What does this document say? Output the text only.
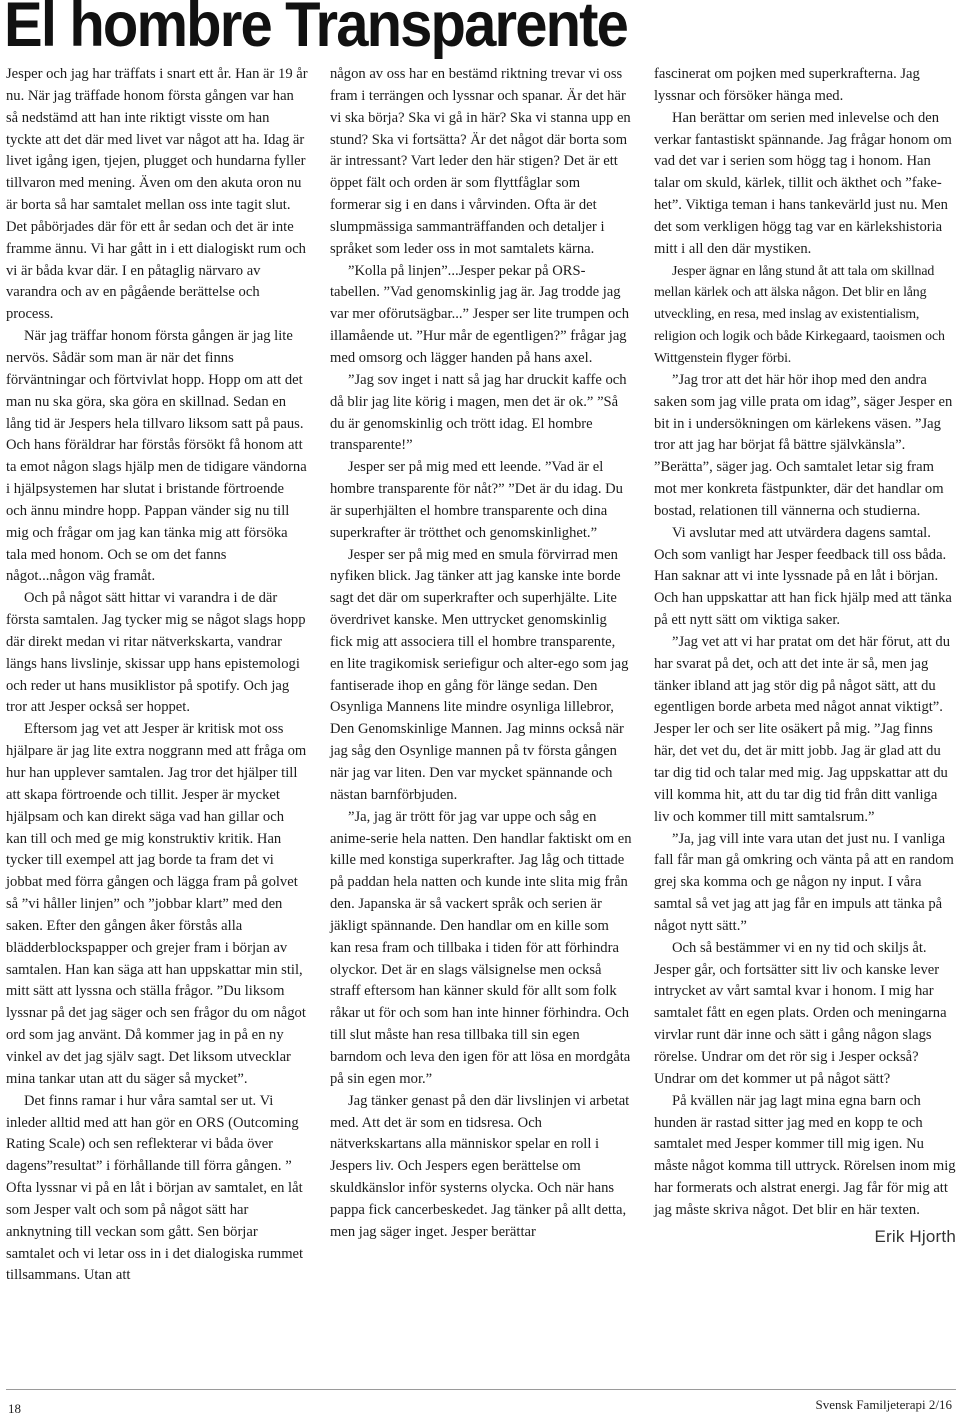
El hombre Transparente

Jesper och jag har träffats i snart ett år. Han är 19 år nu. När jag träffade honom första gången var han så nedstämd att han inte riktigt visste om han tyckte att det där med livet var något att ha. Idag är livet igång igen, tjejen, plugget och hundarna fyller tillvaron med mening. Även om den akuta oron nu är borta så har samtalet mellan oss inte tagit slut. Det påbörjades där för ett år sedan och det är inte framme ännu. Vi har gått in i ett dialogiskt rum och vi är båda kvar där. I en påtaglig närvaro av varandra och av en pågående berättelse och process.

När jag träffar honom första gången är jag lite nervös. Sådär som man är när det finns förväntningar och förtvivlat hopp. Hopp om att det man nu ska göra, ska göra en skillnad. Sedan en lång tid är Jespers hela tillvaro liksom satt på paus. Och hans föräldrar har förstås försökt få honom att ta emot någon slags hjälp men de tidigare vändorna i hjälpsystemen har slutat i bristande förtroende och ännu mindre hopp. Pappan vänder sig nu till mig och frågar om jag kan tänka mig att försöka tala med honom. Och se om det fanns något...någon väg framåt.

Och på något sätt hittar vi varandra i de där första samtalen. Jag tycker mig se något slags hopp där direkt medan vi ritar nätverkskarta, vandrar längs hans livslinje, skissar upp hans epistemologi och reder ut hans musiklistor på spotify. Och jag tror att Jesper också ser hoppet.

Eftersom jag vet att Jesper är kritisk mot oss hjälpare är jag lite extra noggrann med att fråga om hur han upplever samtalen. Jag tror det hjälper till att skapa förtroende och tillit. Jesper är mycket hjälpsam och kan direkt säga vad han gillar och kan till och med ge mig konstruktiv kritik. Han tycker till exempel att jag borde ta fram det vi jobbat med förra gången och lägga fram på golvet så ”vi håller linjen” och ”jobbar klart” med den saken. Efter den gången åker förstås alla blädderblockspapper och grejer fram i början av samtalen. Han kan säga att han uppskattar min stil, mitt sätt att lyssna och ställa frågor. ”Du liksom lyssnar på det jag säger och sen frågor du om något ord som jag använt. Då kommer jag in på en ny vinkel av det jag själv sagt. Det liksom utvecklar mina tankar utan att du säger så mycket”.

Det finns ramar i hur våra samtal ser ut. Vi inleder alltid med att han gör en ORS (Outcoming Rating Scale) och sen reflekterar vi båda över dagens”resultat” i förhållande till förra gången. ” Ofta lyssnar vi på en låt i början av samtalet, en låt som Jesper valt och som på något sätt har anknytning till veckan som gått. Sen börjar samtalet och vi letar oss in i det dialogiska rummet tillsammans. Utan att

någon av oss har en bestämd riktning trevar vi oss fram i terrängen och lyssnar och spanar. Är det här vi ska börja? Ska vi gå in här? Ska vi stanna upp en stund? Ska vi fortsätta? Är det något där borta som är intressant? Vart leder den här stigen? Det är ett öppet fält och orden är som flyttfåglar som formerar sig i en dans i vårvinden. Ofta är det slumpmässiga sammanträffanden och detaljer i språket som leder oss in mot samtalets kärna.

”Kolla på linjen”...Jesper pekar på ORS-tabellen. ”Vad genomskinlig jag är. Jag trodde jag var mer oförutsägbar...” Jesper ser lite trumpen och illamående ut. ”Hur mår de egentligen?” frågar jag med omsorg och lägger handen på hans axel.

”Jag sov inget i natt så jag har druckit kaffe och då blir jag lite körig i magen, men det är ok.” ”Så du är genomskinlig och trött idag. El hombre transparente!”

Jesper ser på mig med ett leende. ”Vad är el hombre transparente för nåt?” ”Det är du idag. Du är superhjälten el hombre transparente och dina superkrafter är trötthet och genomskinlighet.”

Jesper ser på mig med en smula förvirrad men nyfiken blick. Jag tänker att jag kanske inte borde sagt det där om superkrafter och superhjälte. Lite överdrivet kanske. Men uttrycket genomskinlig fick mig att associera till el hombre transparente, en lite tragikomisk seriefigur och alter-ego som jag fantiserade ihop en gång för länge sedan. Den Osynliga Mannens lite mindre osynliga lillebror, Den Genomskinlige Mannen. Jag minns också när jag såg den Osynlige mannen på tv första gången när jag var liten. Den var mycket spännande och nästan barnförbjuden.

”Ja, jag är trött för jag var uppe och såg en anime-serie hela natten. Den handlar faktiskt om en kille med konstiga superkrafter. Jag låg och tittade på paddan hela natten och kunde inte slita mig från den. Japanska är så vackert språk och serien är jäkligt spännande. Den handlar om en kille som kan resa fram och tillbaka i tiden för att förhindra olyckor. Det är en slags välsignelse men också straff eftersom han känner skuld för allt som folk råkar ut för och som han inte hinner förhindra. Och till slut måste han resa tillbaka till sin egen barndom och leva den igen för att lösa en mordgåta på sin egen mor.”

Jag tänker genast på den där livslinjen vi arbetat med. Att det är som en tidsresa. Och nätverkskartans alla människor spelar en roll i Jespers liv. Och Jespers egen berättelse om skuldkänslor inför systerns olycka. Och när hans pappa fick cancerbeskedet. Jag tänker på allt detta, men jag säger inget. Jesper berättar

fascinerat om pojken med superkrafterna. Jag lyssnar och försöker hänga med.

Han berättar om serien med inlevelse och den verkar fantastiskt spännande. Jag frågar honom om vad det var i serien som högg tag i honom. Han talar om skuld, kärlek, tillit och äkthet och ”fake-het”. Viktiga teman i hans tankevärld just nu. Men det som verkligen högg tag var en kärlekshistoria mitt i all den där mystiken.

Jesper ägnar en lång stund åt att tala om skillnad mellan kärlek och att älska någon. Det blir en lång utveckling, en resa, med inslag av existentialism, religion och logik och både Kirkegaard, taoismen och Wittgenstein flyger förbi.

”Jag tror att det här hör ihop med den andra saken som jag ville prata om idag”, säger Jesper en bit in i undersökningen om kärlekens väsen. ”Jag tror att jag har börjat få bättre självkänsla”. ”Berätta”, säger jag. Och samtalet letar sig fram mot mer konkreta fästpunkter, där det handlar om bostad, relationen till vännerna och studierna.

Vi avslutar med att utvärdera dagens samtal. Och som vanligt har Jesper feedback till oss båda. Han saknar att vi inte lyssnade på en låt i början. Och han uppskattar att han fick hjälp med att tänka på ett nytt sätt om viktiga saker.

”Jag vet att vi har pratat om det här förut, att du har svarat på det, och att det inte är så, men jag tänker ibland att jag stör dig på något sätt, att du egentligen borde arbeta med något annat viktigt”. Jesper ler och ser lite osäkert på mig. ”Jag finns här, det vet du, det är mitt jobb. Jag är glad att du tar dig tid och talar med mig. Jag uppskattar att du vill komma hit, att du tar dig tid från ditt vanliga liv och kommer till mitt samtalsrum.”

”Ja, jag vill inte vara utan det just nu. I vanliga fall får man gå omkring och vänta på att en random grej ska komma och ge någon ny input. I våra samtal så vet jag att jag får en impuls att tänka på något nytt sätt.”

Och så bestämmer vi en ny tid och skiljs åt. Jesper går, och fortsätter sitt liv och kanske lever intrycket av vårt samtal kvar i honom. I mig har samtalet fått en egen plats. Orden och meningarna virvlar runt där inne och sätt i gång någon slags rörelse. Undrar om det rör sig i Jesper också? Undrar om det kommer ut på något sätt?

På kvällen när jag lagt mina egna barn och hunden är rastad sitter jag med en kopp te och samtalet med Jesper kommer till mig igen. Nu måste något komma till uttryck. Rörelsen inom mig har formerats och alstrat energi. Jag får för mig att jag måste skriva något. Det blir en här texten.

Erik Hjorth
18	Svensk Familjeterapi 2/16
